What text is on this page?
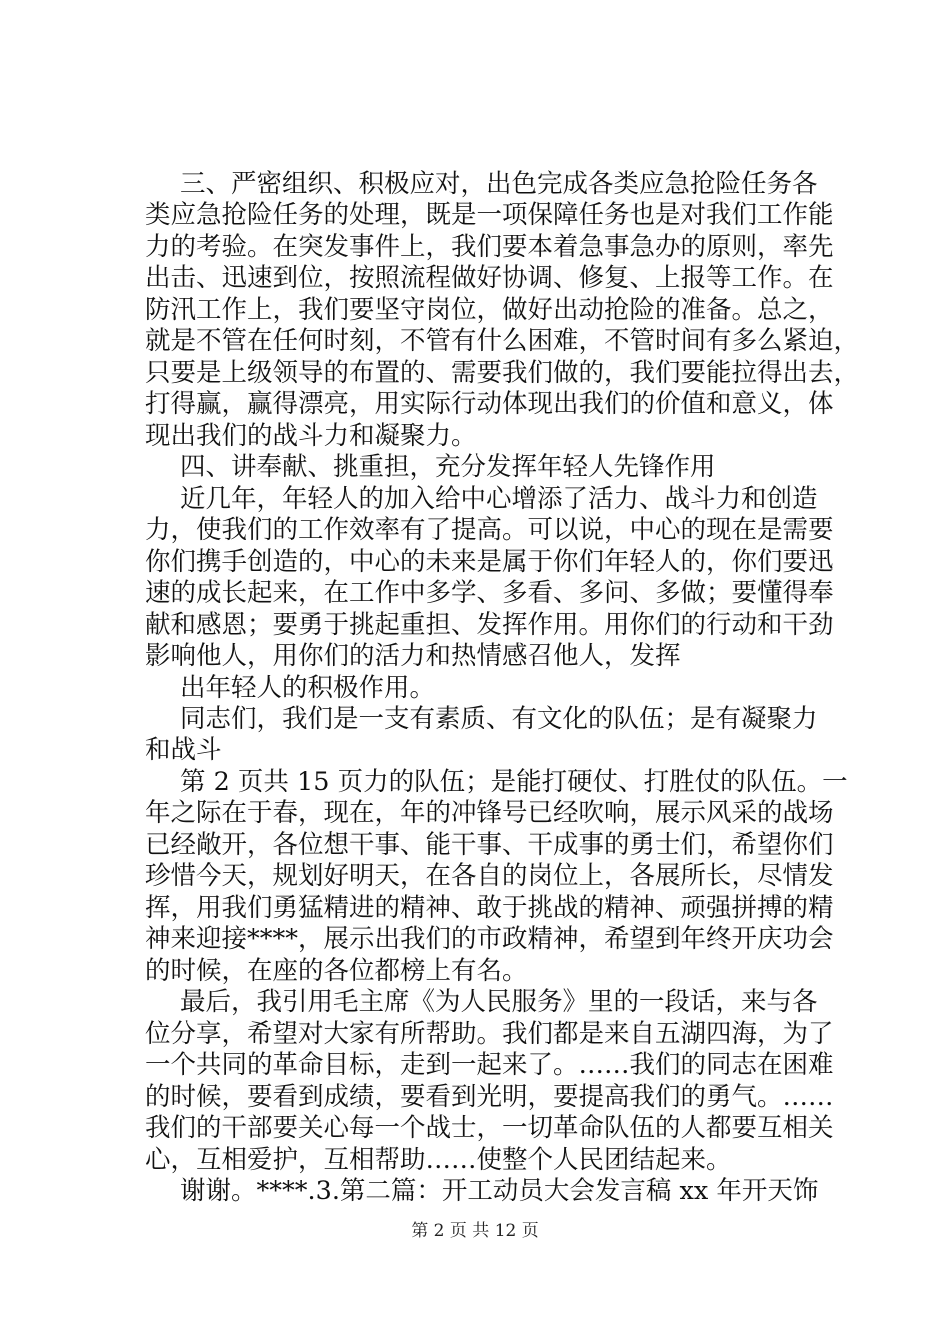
三、严密组织、积极应对，出色完成各类应急抢险任务各
类应急抢险任务的处理，既是一项保障任务也是对我们工作能
力的考验。在突发事件上，我们要本着急事急办的原则，率先
出击、迅速到位，按照流程做好协调、修复、上报等工作。在
防汛工作上，我们要坚守岗位，做好出动抢险的准备。总之，
就是不管在任何时刻，不管有什么困难，不管时间有多么紧迫，
只要是上级领导的布置的、需要我们做的，我们要能拉得出去，
打得赢，赢得漂亮，用实际行动体现出我们的价值和意义，体
现出我们的战斗力和凝聚力。
四、讲奉献、挑重担，充分发挥年轻人先锋作用
近几年，年轻人的加入给中心增添了活力、战斗力和创造
力，使我们的工作效率有了提高。可以说，中心的现在是需要
你们携手创造的，中心的未来是属于你们年轻人的，你们要迅
速的成长起来，在工作中多学、多看、多问、多做；要懂得奉
献和感恩；要勇于挑起重担、发挥作用。用你们的行动和干劲
影响他人，用你们的活力和热情感召他人，发挥
出年轻人的积极作用。
同志们，我们是一支有素质、有文化的队伍；是有凝聚力
和战斗
第 2 页共 15 页力的队伍；是能打硬仗、打胜仗的队伍。一
年之际在于春，现在，年的冲锋号已经吹响，展示风采的战场
已经敞开，各位想干事、能干事、干成事的勇士们，希望你们
珍惜今天，规划好明天，在各自的岗位上，各展所长，尽情发
挥，用我们勇猛精进的精神、敢于挑战的精神、顽强拼搏的精
神来迎接****，展示出我们的市政精神，希望到年终开庆功会
的时候，在座的各位都榜上有名。
最后，我引用毛主席《为人民服务》里的一段话，来与各
位分享，希望对大家有所帮助。我们都是来自五湖四海，为了
一个共同的革命目标，走到一起来了。……我们的同志在困难
的时候，要看到成绩，要看到光明，要提高我们的勇气。……
我们的干部要关心每一个战士，一切革命队伍的人都要互相关
心，互相爱护，互相帮助……使整个人民团结起来。
谢谢。****.3.第二篇：开工动员大会发言稿 xx 年开天饰
第 2 页 共 12 页
